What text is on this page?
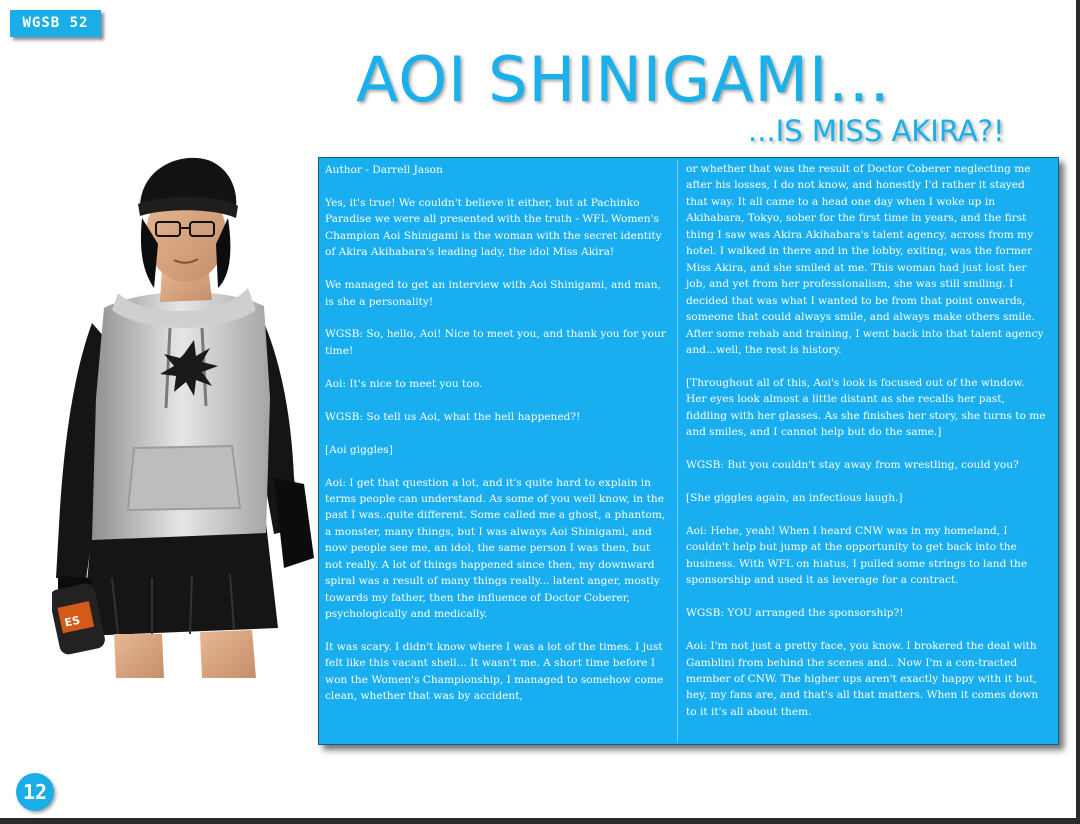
WGSB 52
AOI SHINIGAMI...
...IS MISS AKIRA?!
ES

Author - Darrell Jason

Yes, it's true! We couldn't believe it either, but at Pachinko Paradise we were all presented with the truth - WFL Women's Champion Aoi Shinigami is the woman with the secret identity of Akira Akihabara's leading lady, the idol Miss Akira!

We managed to get an interview with Aoi Shinigami, and man, is she a personality!

WGSB: So, hello, Aoi! Nice to meet you, and thank you for your time!

Aoi: It's nice to meet you too.

WGSB: So tell us Aoi, what the hell happened?!

[Aoi giggles]

Aoi: I get that question a lot, and it's quite hard to explain in terms people can understand. As some of you well know, in the past I was..quite different. Some called me a ghost, a phantom, a monster, many things, but I was always Aoi Shinigami, and now people see me, an idol, the same person I was then, but not really. A lot of things happened since then, my downward spiral was a result of many things really... latent anger, mostly towards my father, then the influence of Doctor Coberer, psychologically and medically.

It was scary. I didn't know where I was a lot of the times. I just felt like this vacant shell... It wasn't me. A short time before I won the Women's Championship, I managed to somehow come clean, whether that was by accident,

or whether that was the result of Doctor Coberer neglecting me after his losses, I do not know, and honestly I'd rather it stayed that way. It all came to a head one day when I woke up in Akihabara, Tokyo, sober for the first time in years, and the first thing I saw was Akira Akihabara's talent agency, across from my hotel. I walked in there and in the lobby, exiting, was the former Miss Akira, and she smiled at me. This woman had just lost her job, and yet from her professionalism, she was still smiling. I decided that was what I wanted to be from that point onwards, someone that could always smile, and always make others smile. After some rehab and training, I went back into that talent agency and...well, the rest is history.

[Throughout all of this, Aoi's look is focused out of the window. Her eyes look almost a little distant as she recalls her past, fiddling with her glasses. As she finishes her story, she turns to me and smiles, and I cannot help but do the same.]

WGSB: But you couldn't stay away from wrestling, could you?

[She giggles again, an infectious laugh.]

Aoi: Hehe, yeah! When I heard CNW was in my homeland, I couldn't help but jump at the opportunity to get back into the business. With WFL on hiatus, I pulled some strings to land the sponsorship and used it as leverage for a contract.

WGSB: YOU arranged the sponsorship?!

Aoi: I'm not just a pretty face, you know. I brokered the deal with Gamblini from behind the scenes and.. Now I'm a con-tracted member of CNW. The higher ups aren't exactly happy with it but, hey, my fans are, and that's all that matters. When it comes down to it it's all about them.

12
